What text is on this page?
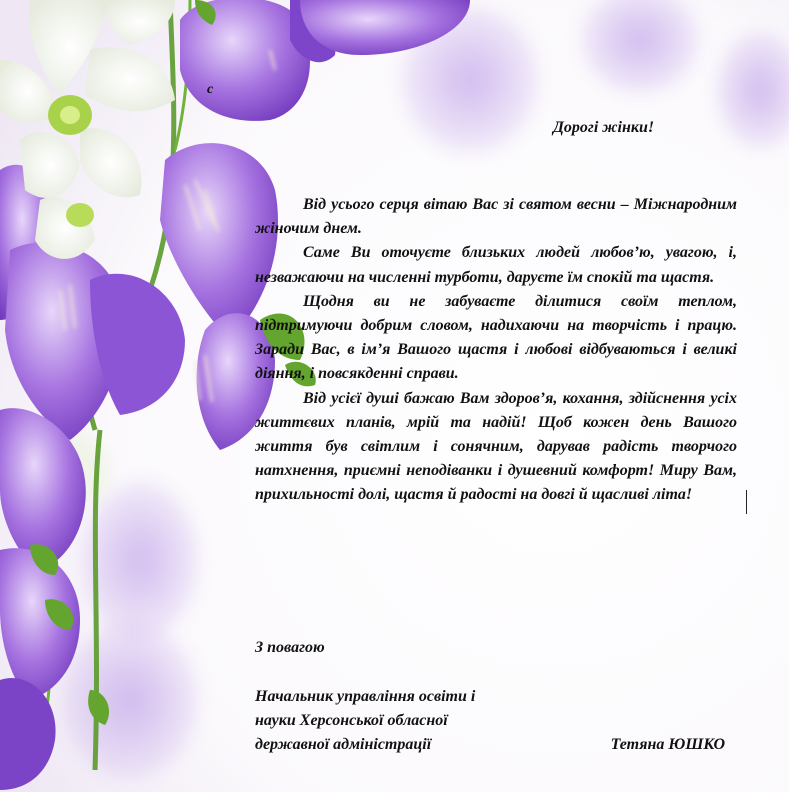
с
Дорогі жінки!

Від усього серця вітаю Вас зі святом весни – Міжнародним жіночим днем.

Саме Ви оточуєте близьких людей любов’ю, увагою, і, незважаючи на численні турботи, даруєте їм спокій та щастя.

Щодня ви не забуваєте ділитися своїм теплом, підтримуючи добрим словом, надихаючи на творчість і працю. Заради Вас, в ім’я Вашого щастя і любові відбуваються і великі діяння, і повсякденні справи.

Від усієї душі бажаю Вам здоров’я, кохання, здійснення усіх життєвих планів, мрій та надій! Щоб кожен день Вашого життя був світлим і сонячним, дарував радість творчого натхнення, приємні неподіванки і душевний комфорт! Миру Вам, прихильності долі, щастя й радості на довгі й щасливі літа!

З повагою
Начальник управління освіти і
науки Херсонської обласної
державної адміністрації	Тетяна ЮШКО
